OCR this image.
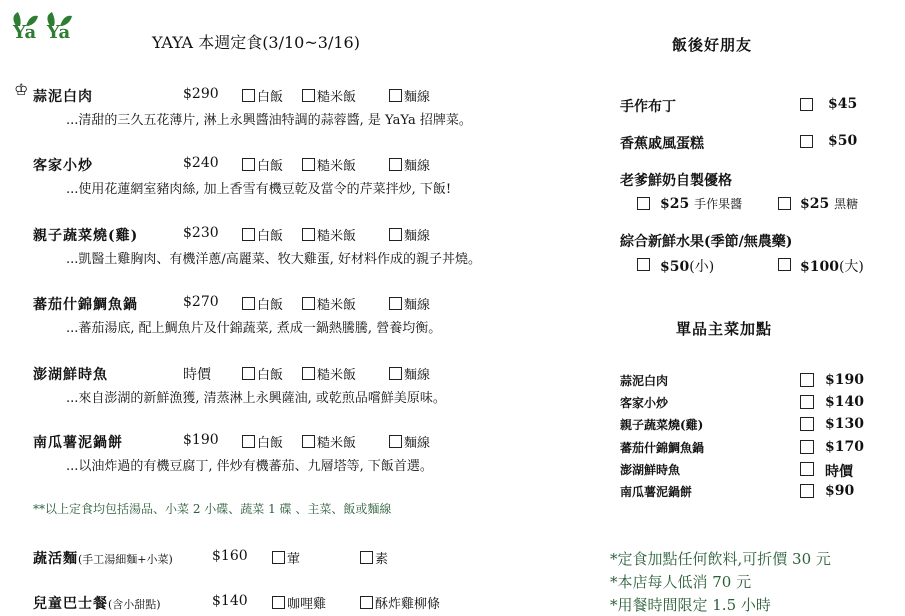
Ya Ya	YAYA 本週定食(3/10~3/16)
♔ 蒜泥白肉	$290	白飯	糙米飯	麵線
...清甜的三久五花薄片, 淋上永興醬油特調的蒜蓉醬, 是 YaYa 招牌菜。
客家小炒	$240	白飯	糙米飯	麵線
...使用花蓮網室豬肉絲, 加上香雪有機豆乾及當令的芹菜拌炒, 下飯!
親子蔬菜燒(雞)	$230	白飯	糙米飯	麵線
...凱醫土雞胸肉、有機洋蔥/高麗菜、牧大雞蛋, 好材料作成的親子丼燒。
蕃茄什錦鯛魚鍋	$270	白飯	糙米飯	麵線
...蕃茄湯底, 配上鯛魚片及什錦蔬菜, 煮成一鍋熱騰騰, 營養均衡。
澎湖鮮時魚	時價	白飯	糙米飯	麵線
...來自澎湖的新鮮漁獲, 清蒸淋上永興薩油, 或乾煎品嚐鮮美原味。
南瓜薯泥鍋餅	$190	白飯	糙米飯	麵線
...以油炸過的有機豆腐丁, 伴炒有機蕃茄、九層塔等, 下飯首選。
**以上定食均包括湯品、小菜 2 小碟、蔬菜 1 碟 、主菜、飯或麵線
蔬活麵(手工湯細麵+小菜)	$160	葷	素
兒童巴士餐(含小甜點)	$140	咖哩雞	酥炸雞柳條
飯後好朋友
手作布丁	$45
香蕉戚風蛋糕	$50
老爹鮮奶自製優格
$25 手作果醬	$25 黑糖
綜合新鮮水果(季節/無農藥)
$50(小)	$100(大)
單品主菜加點
蒜泥白肉	$190
客家小炒	$140
親子蔬菜燒(雞)	$130
蕃茄什錦鯛魚鍋	$170
澎湖鮮時魚	時價
南瓜薯泥鍋餅	$90
*定食加點任何飲料,可折價 30 元
*本店每人低消 70 元
*用餐時間限定 1.5 小時
